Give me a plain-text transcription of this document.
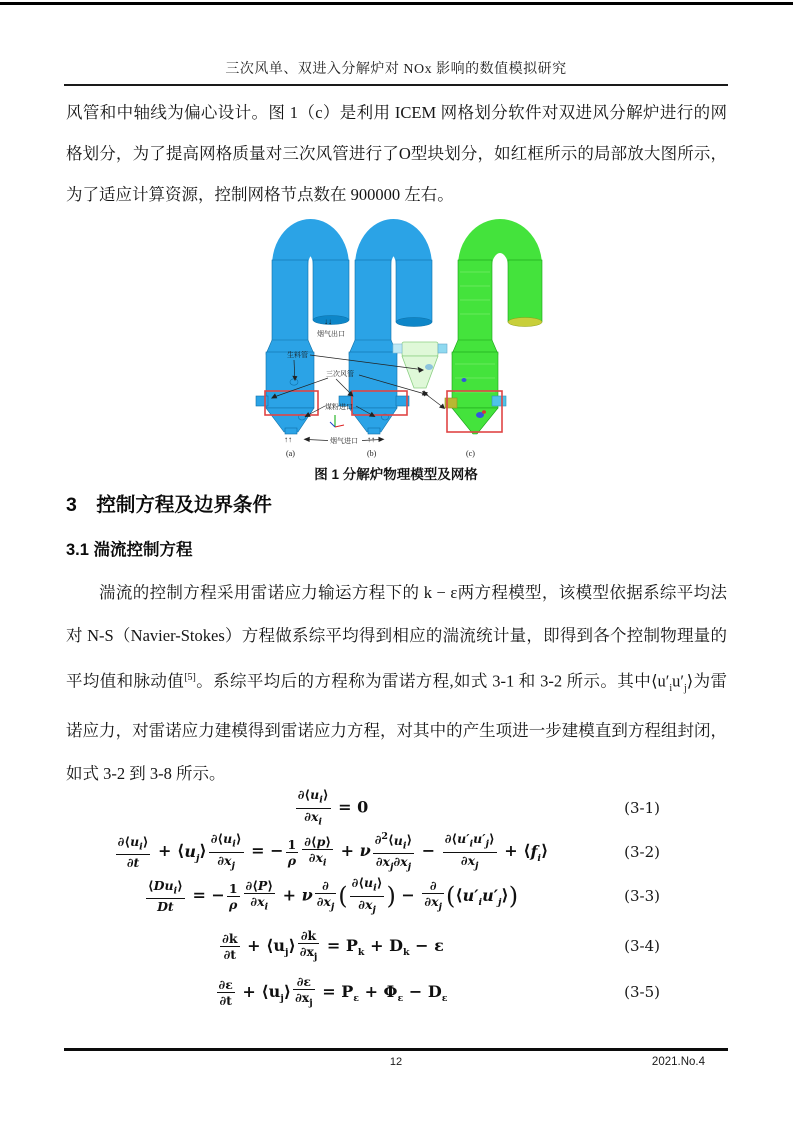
三次风单、双进入分解炉对 NOx 影响的数值模拟研究
风管和中轴线为偏心设计。图 1（c）是利用 ICEM 网格划分软件对双进风分解炉进行的网格划分，为了提高网格质量对三次风管进行了O型块划分，如红框所示的局部放大图所示，为了适应计算资源，控制网格节点数在 900000 左右。
↓↓
烟气出口
生料管
三次风管
煤粉进口
烟气进口
↑↑	↑↑
(a)	(b)	(c)
图 1 分解炉物理模型及网格
3　控制方程及边界条件
3.1 湍流控制方程
湍流的控制方程采用雷诺应力输运方程下的 k − ε两方程模型，该模型依据系综平均法对 N-S（Navier-Stokes）方程做系综平均得到相应的湍流统计量，即得到各个控制物理量的平均值和脉动值[5]。系综平均后的方程称为雷诺方程,如式 3-1 和 3-2 所示。其中$⟨u'_iu'_j⟩$为雷诺应力，对雷诺应力建模得到雷诺应力方程，对其中的产生项进一步建模直到方程组封闭，如式 3-2 到 3-8 所示。
$\frac{\partial⟨u_i⟩}{\partial x_i} = 0$	(3-1)
$\frac{\partial⟨u_i⟩}{\partial t}$ + $⟨u_j⟩ \frac{\partial⟨u_i⟩}{\partial x_j}$ = − $\frac{1}{\rho} \frac{\partial⟨p⟩}{\partial x_i} + \nu \frac{\partial^2⟨u_i⟩}{\partial x_j\partial x_j} - \frac{\partial⟨u'_iu'_j⟩}{\partial x_j}$ + $⟨f_i⟩$	(3-2)
$⟨Du_i⟩$
Dt
= − $\frac{1}{\rho} \frac{\partial⟨P⟩}{\partial x_i} + \nu$
∂
$\partial x_j$ ( $\frac{\partial⟨u_i⟩}{\partial x_j}$ ) −
∂
$\partial x_j$ $(⟨u'_iu'_j⟩)$	(3-3)
$\frac{\partial k}{\partial t}$ + $⟨u_j⟩ \frac{\partial k}{\partial x_j} = P_k + D_k - \varepsilon$	(3-4)
$\frac{\partial\varepsilon}{\partial t}$ + $⟨u_j⟩ \frac{\partial\varepsilon}{\partial x_j} = P_\varepsilon + \Phi_\varepsilon - D_\varepsilon$	(3-5)
12	2021.No.4
